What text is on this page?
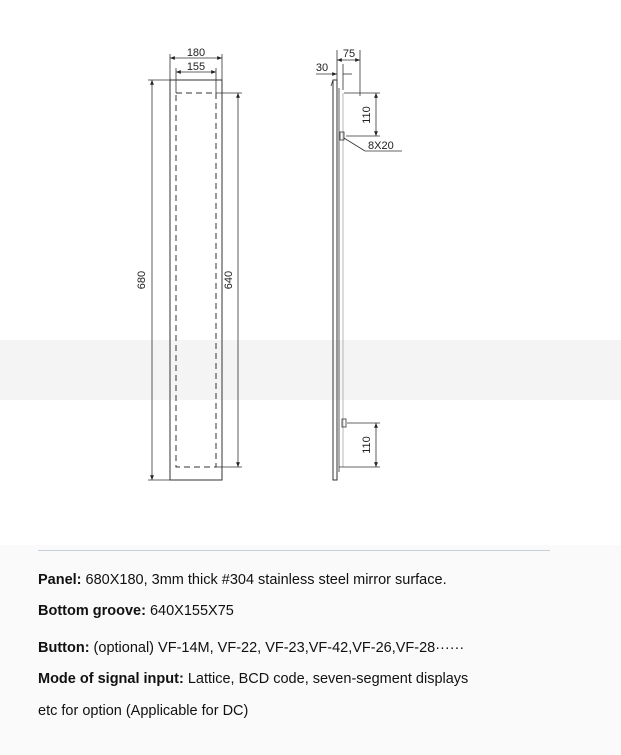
180
155
680	640
75
30
110
8X20
110
Panel: 680X180, 3mm thick #304 stainless steel mirror surface.
Bottom groove: 640X155X75
Button: (optional) VF-14M, VF-22, VF-23,VF-42,VF-26,VF-28······
Mode of signal input: Lattice, BCD code, seven-segment displays
etc for option (Applicable for DC)
